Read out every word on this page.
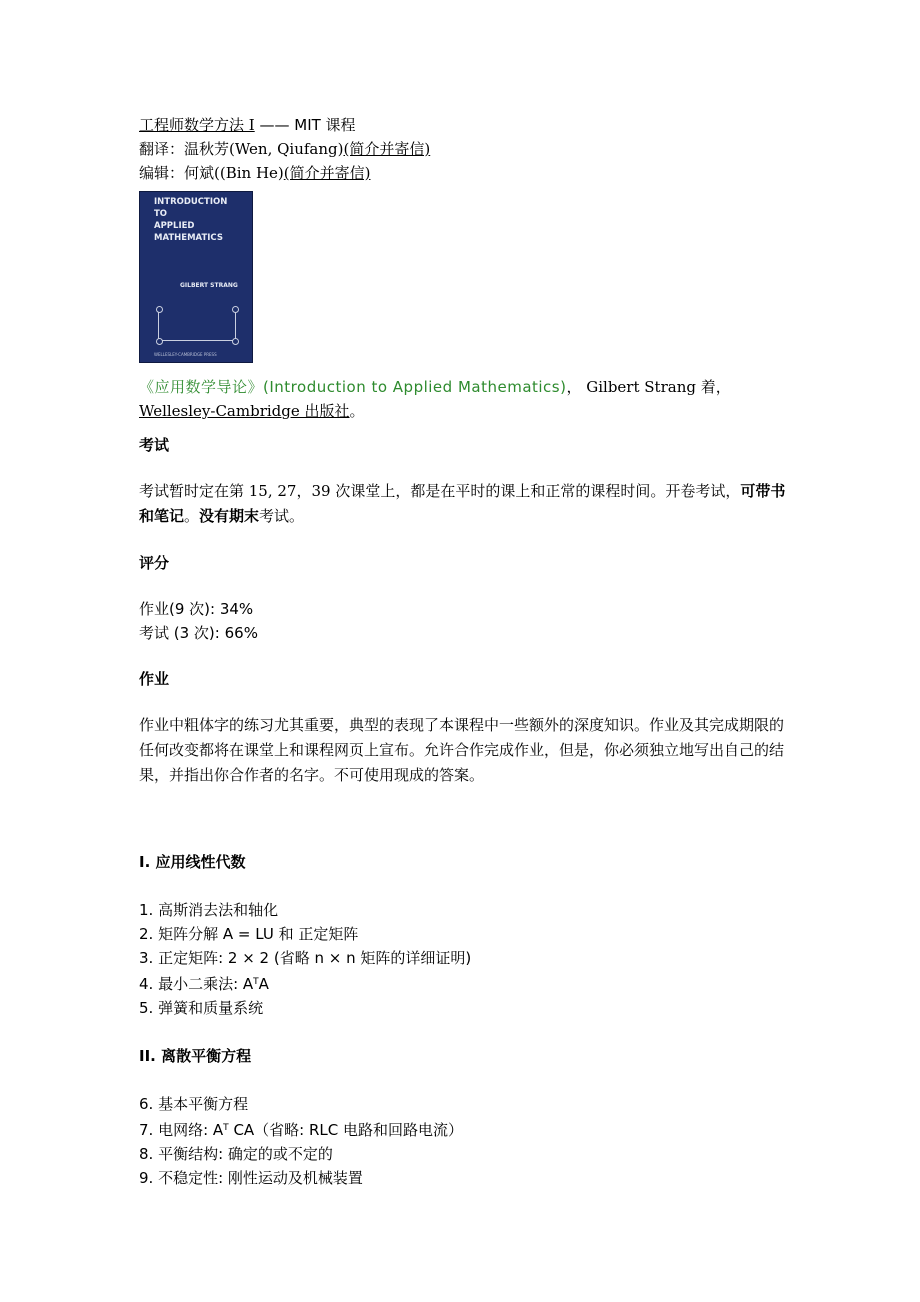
工程师数学方法 I —— MIT 课程
翻译：温秋芳(Wen, Qiufang)(简介并寄信)
编辑：何斌((Bin He)(简介并寄信)
INTRODUCTION
TO
APPLIED
MATHEMATICS
GILBERT STRANG
WELLESLEY-CAMBRIDGE PRESS
《应用数学导论》(Introduction to Applied Mathematics)， Gilbert Strang 着，
Wellesley-Cambridge 出版社。
考试

考试暂时定在第 15, 27，39 次课堂上，都是在平时的课上和正常的课程时间。开卷考试，可带书和笔记。没有期末考试。

评分
作业(9 次): 34%
考试 (3 次): 66%
作业

作业中粗体字的练习尤其重要，典型的表现了本课程中一些额外的深度知识。作业及其完成期限的任何改变都将在课堂上和课程网页上宣布。允许合作完成作业，但是，你必须独立地写出自己的结果，并指出你合作者的名字。不可使用现成的答案。

I. 应用线性代数
1. 高斯消去法和轴化
2. 矩阵分解 A = LU 和 正定矩阵
3. 正定矩阵: 2 × 2 (省略 n × n 矩阵的详细证明)
4. 最小二乘法: $A^TA$
5. 弹簧和质量系统
II. 离散平衡方程
6. 基本平衡方程
7. 电网络: $A^T$ CA（省略: RLC 电路和回路电流）
8. 平衡结构: 确定的或不定的
9. 不稳定性: 刚性运动及机械装置
